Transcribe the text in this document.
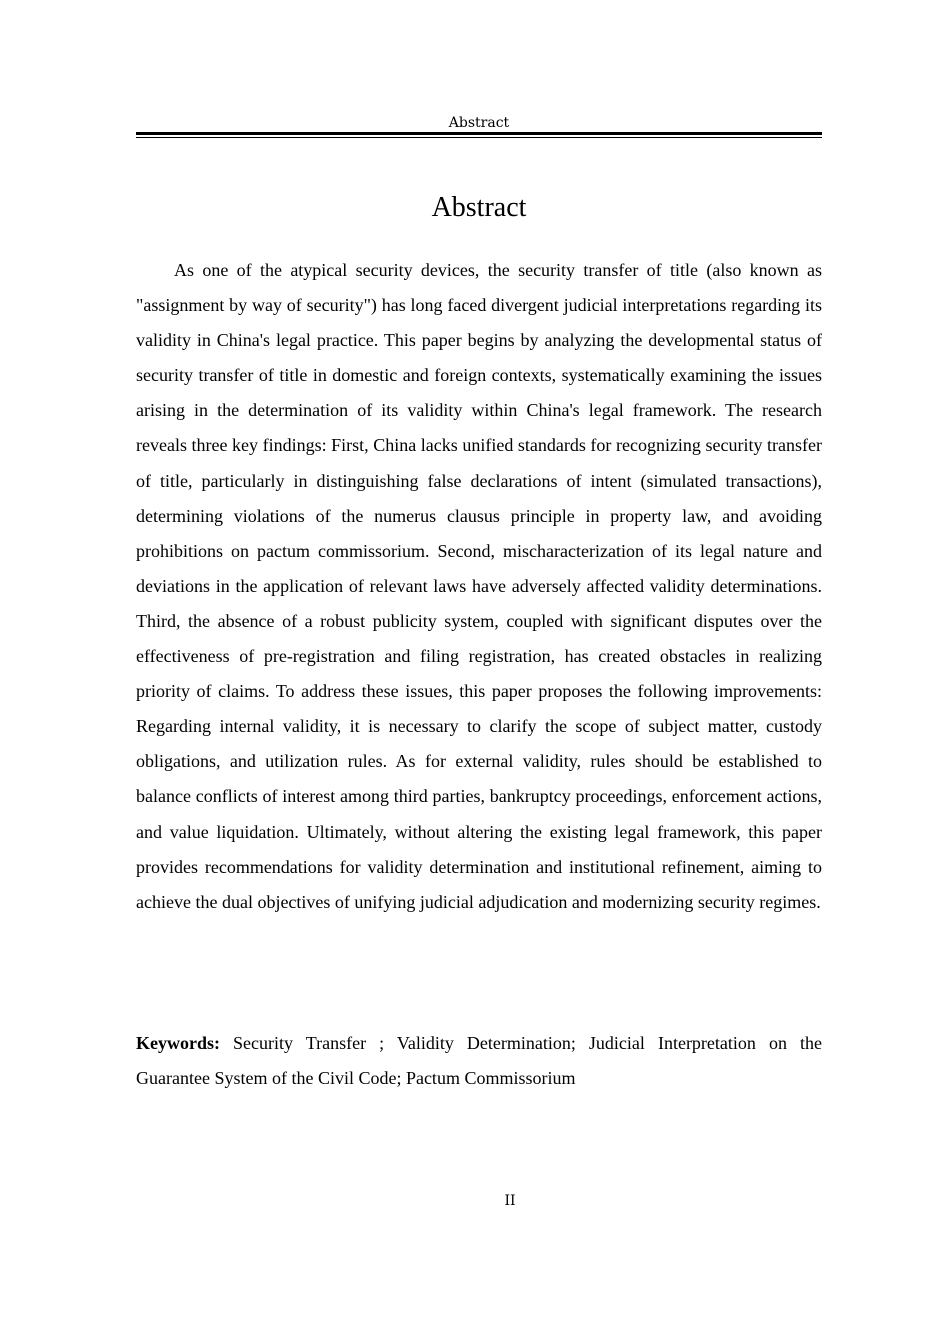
Abstract
Abstract

As one of the atypical security devices, the security transfer of title (also known as "assignment by way of security") has long faced divergent judicial interpretations regarding its validity in China's legal practice. This paper begins by analyzing the developmental status of security transfer of title in domestic and foreign contexts, systematically examining the issues arising in the determination of its validity within China's legal framework. The research reveals three key findings: First, China lacks unified standards for recognizing security transfer of title, particularly in distinguishing false declarations of intent (simulated transactions), determining violations of the numerus clausus principle in property law, and avoiding prohibitions on pactum commissorium. Second, mischaracterization of its legal nature and deviations in the application of relevant laws have adversely affected validity determinations. Third, the absence of a robust publicity system, coupled with significant disputes over the effectiveness of pre-registration and filing registration, has created obstacles in realizing priority of claims. To address these issues, this paper proposes the following improvements: Regarding internal validity, it is necessary to clarify the scope of subject matter, custody obligations, and utilization rules. As for external validity, rules should be established to balance conflicts of interest among third parties, bankruptcy proceedings, enforcement actions, and value liquidation. Ultimately, without altering the existing legal framework, this paper provides recommendations for validity determination and institutional refinement, aiming to achieve the dual objectives of unifying judicial adjudication and modernizing security regimes.

Keywords: Security Transfer ; Validity Determination; Judicial Interpretation on the Guarantee System of the Civil Code; Pactum Commissorium

II
